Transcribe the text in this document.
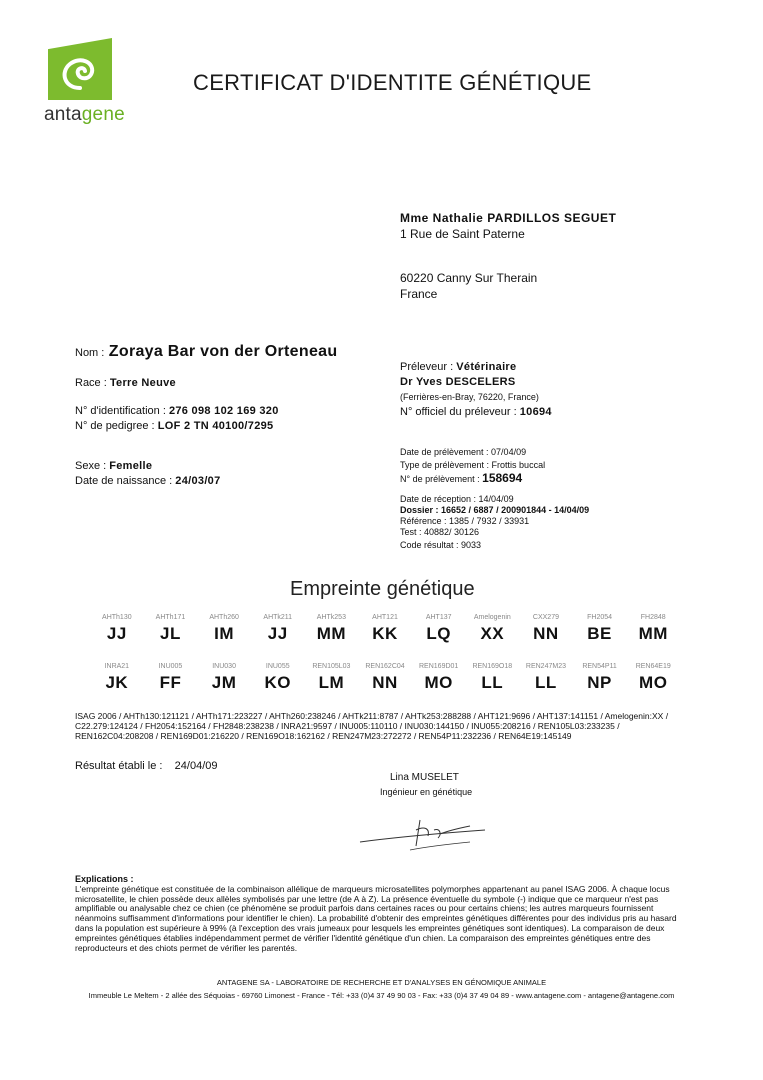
antagene
CERTIFICAT D'IDENTITE GÉNÉTIQUE
Mme Nathalie PARDILLOS SEGUET
1 Rue de Saint Paterne
60220 Canny Sur Therain
France
Nom : Zoraya Bar von der Orteneau
Race : Terre Neuve
N° d'identification : 276 098 102 169 320
N° de pedigree : LOF 2 TN 40100/7295
Sexe : Femelle
Date de naissance : 24/03/07
Préleveur : Vétérinaire
Dr Yves DESCELERS
(Ferrières-en-Bray, 76220, France)
N° officiel du préleveur : 10694
Date de prélèvement : 07/04/09
Type de prélèvement : Frottis buccal
N° de prélèvement : 158694
Date de réception : 14/04/09
Dossier : 16652 / 6887 / 200901844 - 14/04/09
Référence : 1385 / 7932 / 33931
Test : 40882/ 30126
Code résultat : 9033
Empreinte génétique
AHTh130
JJ
AHTh171
JL
AHTh260
IM
AHTk211
JJ
AHTk253
MM
AHT121
KK
AHT137
LQ
Amelogenin
XX
CXX279
NN
FH2054
BE
FH2848
MM
INRA21
JK
INU005
FF
INU030
JM
INU055
KO
REN105L03
LM
REN162C04
NN
REN169D01
MO
REN169O18
LL
REN247M23
LL
REN54P11
NP
REN64E19
MO
ISAG 2006 / AHTh130:121121 / AHTh171:223227 / AHTh260:238246 / AHTk211:8787 / AHTk253:288288 / AHT121:9696 / AHT137:141151 / Amelogenin:XX / C22.279:124124 / FH2054:152164 / FH2848:238238 / INRA21:9597 / INU005:110110 / INU030:144150 / INU055:208216 / REN105L03:233235 / REN162C04:208208 / REN169D01:216220 / REN169O18:162162 / REN247M23:272272 / REN54P11:232236 / REN64E19:145149
Résultat établi le : 24/04/09
Lina MUSELET
Ingénieur en génétique
Explications :
L'empreinte génétique est constituée de la combinaison allélique de marqueurs microsatellites polymorphes appartenant au panel ISAG 2006. À chaque locus microsatellite, le chien possède deux allèles symbolisés par une lettre (de A à Z). La présence éventuelle du symbole (-) indique que ce marqueur n'est pas amplifiable ou analysable chez ce chien (ce phénomène se produit parfois dans certaines races ou pour certains chiens; les autres marqueurs fournissent néanmoins suffisamment d'informations pour identifier le chien). La probabilité d'obtenir des empreintes génétiques différentes pour des individus pris au hasard dans la population est supérieure à 99% (à l'exception des vrais jumeaux pour lesquels les empreintes génétiques sont identiques). La comparaison de deux empreintes génétiques établies indépendamment permet de vérifier l'identité génétique d'un chien. La comparaison des empreintes génétiques entre des reproducteurs et des chiots permet de vérifier les parentés.
ANTAGENE SA - LABORATOIRE DE RECHERCHE ET D'ANALYSES EN GÉNOMIQUE ANIMALE
Immeuble Le Meltem - 2 allée des Séquoias - 69760 Limonest - France - Tél: +33 (0)4 37 49 90 03 - Fax: +33 (0)4 37 49 04 89 - www.antagene.com - antagene@antagene.com
